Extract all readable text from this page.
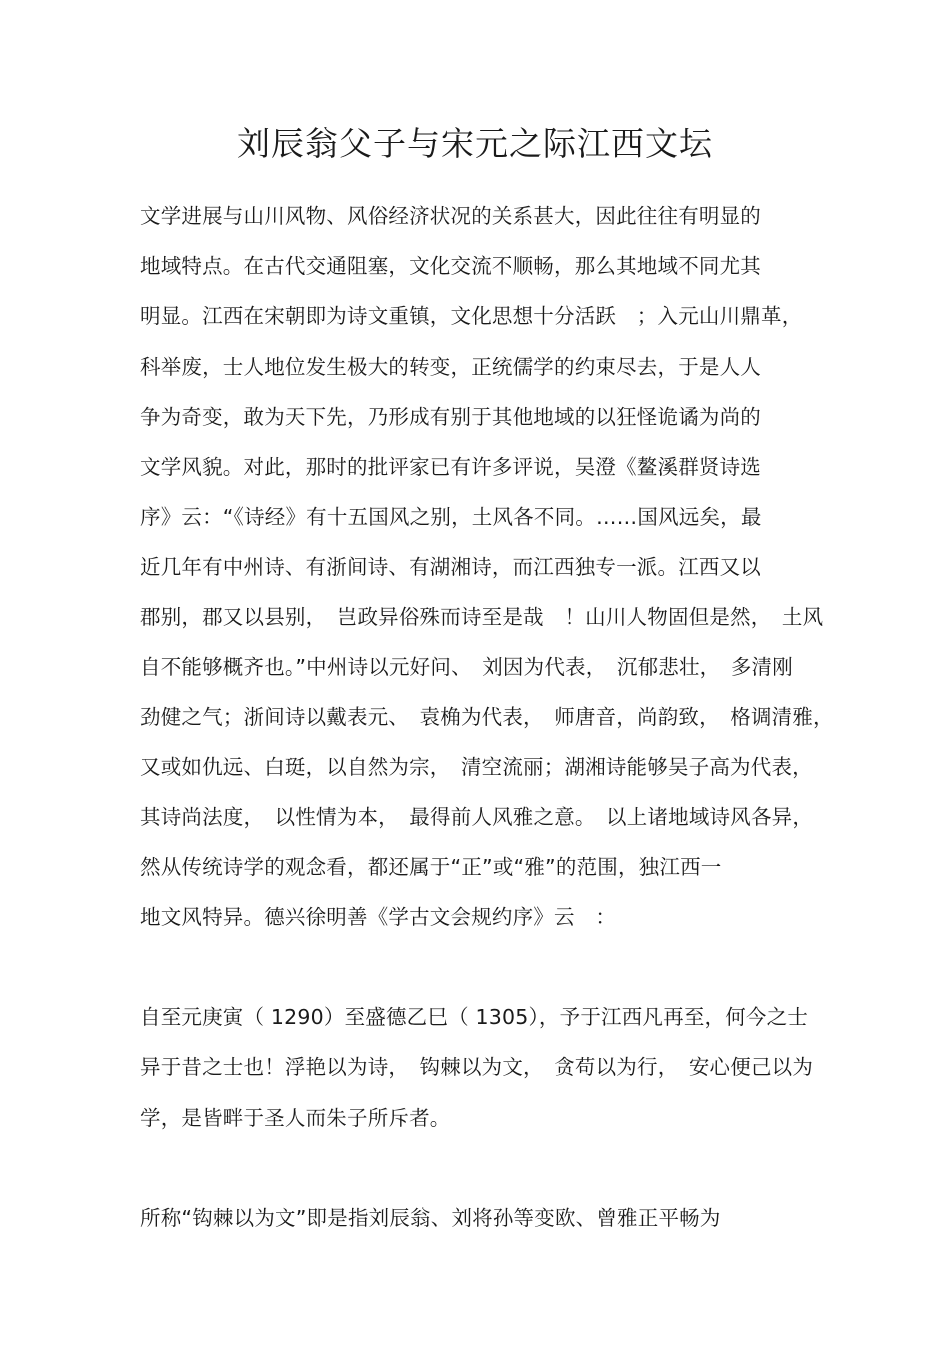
刘辰翁父子与宋元之际江西文坛
文学进展与山川风物、风俗经济状况的关系甚大，因此往往有明显的
地域特点。在古代交通阻塞，文化交流不顺畅，那么其地域不同尤其
明显。江西在宋朝即为诗文重镇，文化思想十分活跃　；入元山川鼎革，
科举废，士人地位发生极大的转变，正统儒学的约束尽去，于是人人
争为奇变，敢为天下先，乃形成有别于其他地域的以狂怪诡谲为尚的
文学风貌。对此，那时的批评家已有许多评说，吴澄《鳌溪群贤诗选
序》云：“《诗经》有十五国风之别，土风各不同。……国风远矣，最
近几年有中州诗、有浙间诗、有湖湘诗，而江西独专一派。江西又以
郡别，郡又以县别，　岂政异俗殊而诗至是哉　！山川人物固但是然，　土风
自不能够概齐也。”中州诗以元好问、　刘因为代表，　沉郁悲壮，　多清刚
劲健之气；浙间诗以戴表元、　袁桷为代表，　师唐音，尚韵致，　格调清雅，
又或如仇远、白珽，以自然为宗，　清空流丽；湖湘诗能够吴子高为代表，
其诗尚法度，　以性情为本，　最得前人风雅之意。　以上诸地域诗风各异，
然从传统诗学的观念看，都还属于“正”或“雅”的范围，独江西一
地文风特异。德兴徐明善《学古文会规约序》云　：
自至元庚寅（ 1290）至盛德乙巳（ 1305），予于江西凡再至，何今之士
异于昔之士也！浮艳以为诗，　钩棘以为文，　贪苟以为行，　安心便己以为
学，是皆畔于圣人而朱子所斥者。
所称“钩棘以为文”即是指刘辰翁、刘将孙等变欧、曾雅正平畅为
